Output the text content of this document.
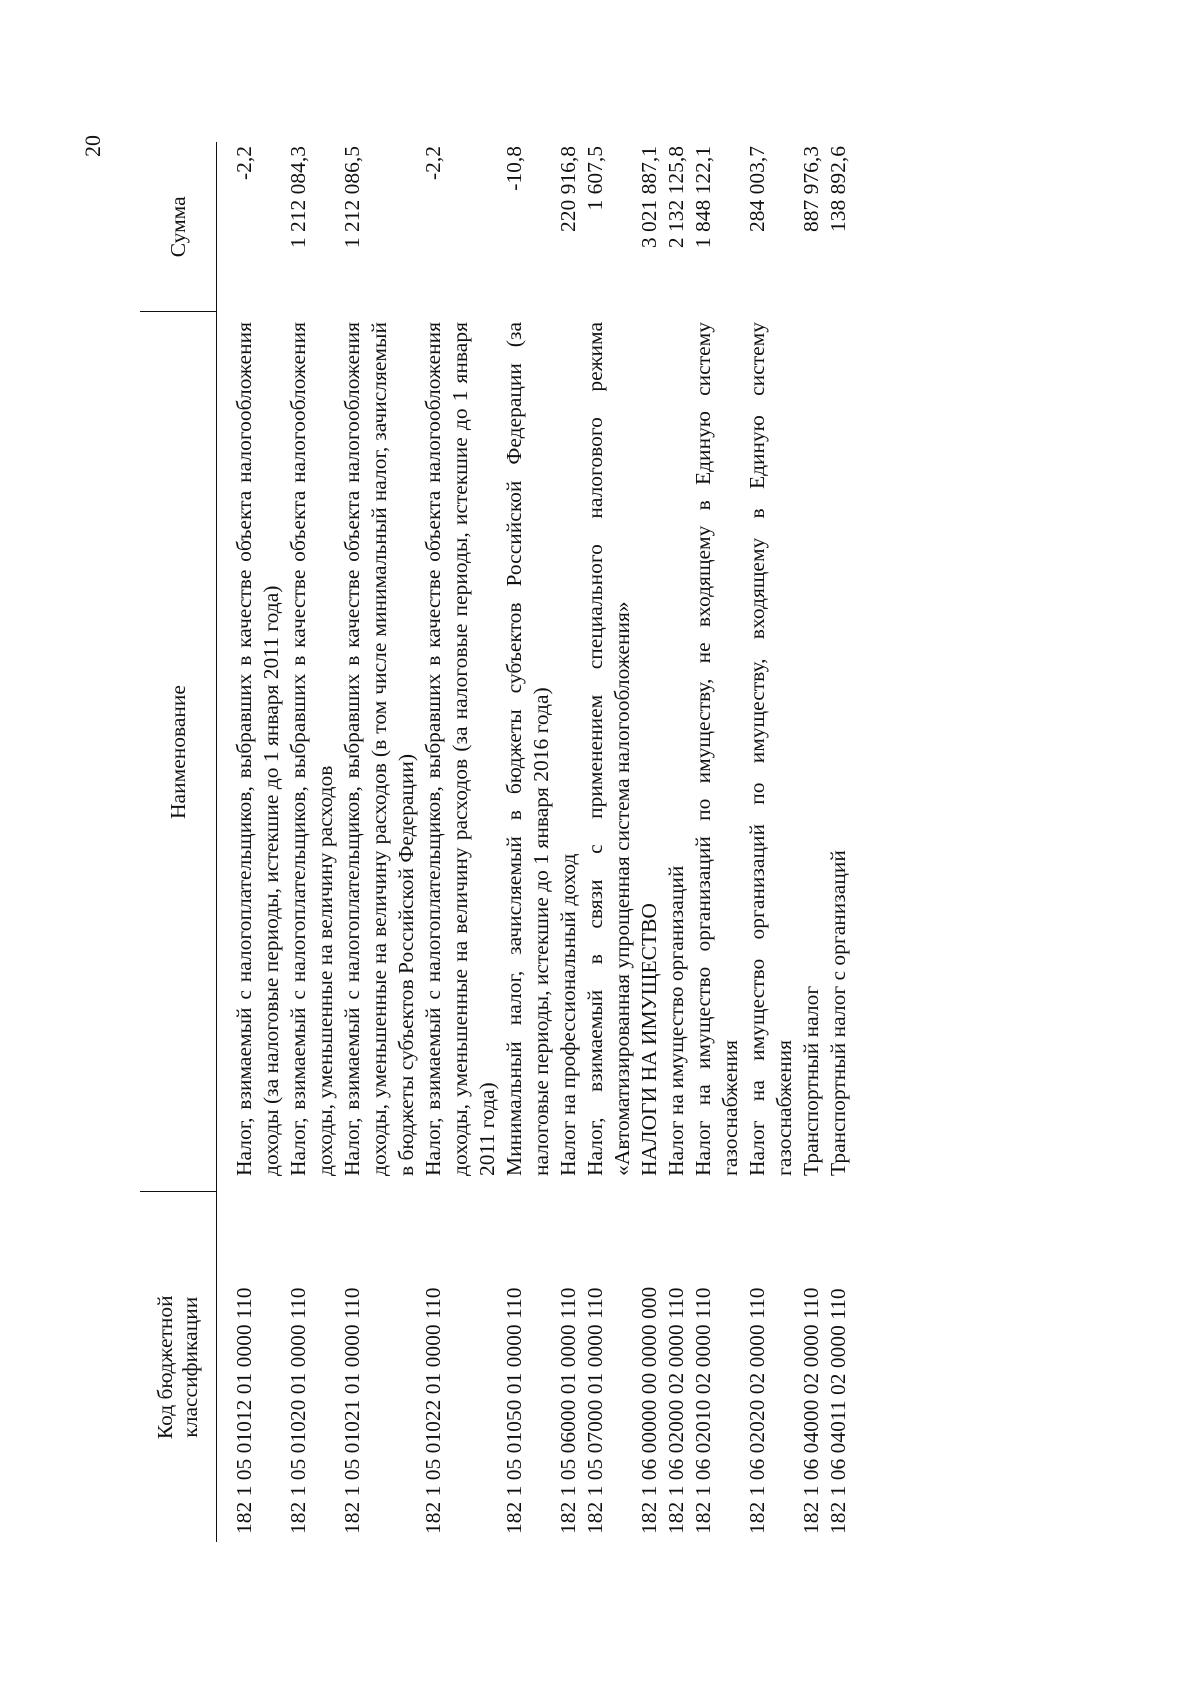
20
Код бюджетной классификации	Наименование	Сумма
182 1 05 01012 01 0000 110	Налог, взимаемый с налогоплательщиков, выбравших в качестве объекта налогообложения доходы (за налоговые периоды, истекшие до 1 января 2011 года)	-2,2
182 1 05 01020 01 0000 110	Налог, взимаемый с налогоплательщиков, выбравших в качестве объекта налогообложения доходы, уменьшенные на величину расходов	1 212 084,3
182 1 05 01021 01 0000 110	Налог, взимаемый с налогоплательщиков, выбравших в качестве объекта налогообложения доходы, уменьшенные на величину расходов (в том числе минимальный налог, зачисляемый в бюджеты субъектов Российской Федерации)	1 212 086,5
182 1 05 01022 01 0000 110	Налог, взимаемый с налогоплательщиков, выбравших в качестве объекта налогообложения доходы, уменьшенные на величину расходов (за налоговые периоды, истекшие до 1 января 2011 года)	-2,2
182 1 05 01050 01 0000 110	Минимальный налог, зачисляемый в бюджеты субъектов Российской Федерации (за налоговые периоды, истекшие до 1 января 2016 года)	-10,8
182 1 05 06000 01 0000 110	Налог на профессиональный доход	220 916,8
182 1 05 07000 01 0000 110	Налог, взимаемый в связи с применением специального налогового режима «Автоматизированная упрощенная система налогообложения»	1 607,5
182 1 06 00000 00 0000 000	НАЛОГИ НА ИМУЩЕСТВО	3 021 887,1
182 1 06 02000 02 0000 110	Налог на имущество организаций	2 132 125,8
182 1 06 02010 02 0000 110	Налог на имущество организаций по имуществу, не входящему в Единую систему газоснабжения	1 848 122,1
182 1 06 02020 02 0000 110	Налог на имущество организаций по имуществу, входящему в Единую систему газоснабжения	284 003,7
182 1 06 04000 02 0000 110	Транспортный налог	887 976,3
182 1 06 04011 02 0000 110	Транспортный налог с организаций	138 892,6
